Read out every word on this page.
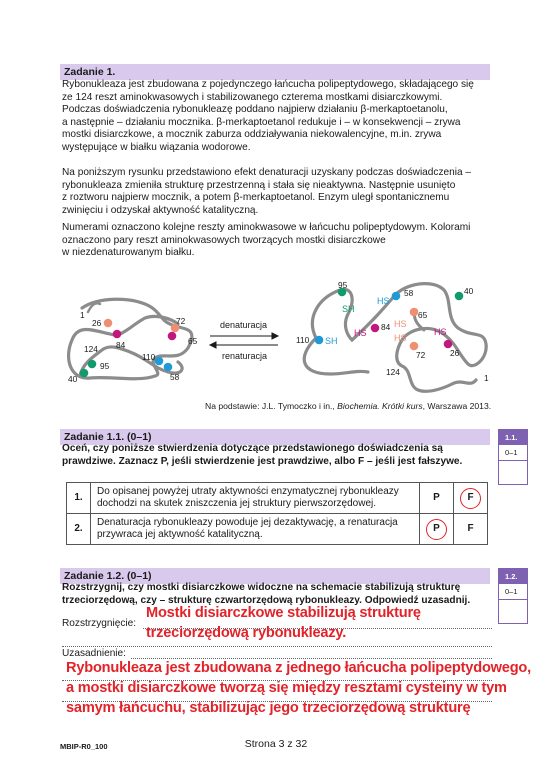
Zadanie 1.
Rybonukleaza jest zbudowana z pojedynczego łańcucha polipeptydowego, składającego się
ze 124 reszt aminokwasowych i stabilizowanego czterema mostkami disiarczkowymi.
Podczas doświadczenia rybonukleazę poddano najpierw działaniu β-merkaptoetanolu,
a następnie – działaniu mocznika. β-merkaptoetanol redukuje i – w konsekwencji – zrywa
mostki disiarczkowe, a mocznik zaburza oddziaływania niekowalencyjne, m.in. zrywa
występujące w białku wiązania wodorowe.
Na poniższym rysunku przedstawiono efekt denaturacji uzyskany podczas doświadczenia –
rybonukleaza zmieniła strukturę przestrzenną i stała się nieaktywna. Następnie usunięto
z roztworu najpierw mocznik, a potem β-merkaptoetanol. Enzym uległ spontanicznemu
zwinięciu i odzyskał aktywność katalityczną.
Numerami oznaczono kolejne reszty aminokwasowe w łańcuchu polipeptydowym. Kolorami
oznaczono pary reszt aminokwasowych tworzących mostki disiarczkowe
w niezdenaturowanym białku.
1
26
84
72
65
124
95
110
40	58
denaturacja
renaturacja
95
58	40
65
84
110
72	26
124
1
SH
SH
HS
HS
HS
HS
HS
Na podstawie: J.L. Tymoczko i in., Biochemia. Krótki kurs, Warszawa 2013.
Zadanie 1.1. (0–1)
Oceń, czy poniższe stwierdzenia dotyczące przedstawionego doświadczenia są
prawdziwe. Zaznacz P, jeśli stwierdzenie jest prawdziwe, albo F – jeśli jest fałszywe.
1.1.
0–1
1.	Do opisanej powyżej utraty aktywności enzymatycznej rybonukleazy
dochodzi na skutek zniszczenia jej struktury pierwszorzędowej.	P	F
2.	Denaturacja rybonukleazy powoduje jej dezaktywację, a renaturacja
przywraca jej aktywność katalityczną.	P	F
Zadanie 1.2. (0–1)
Rozstrzygnij, czy mostki disiarczkowe widoczne na schemacie stabilizują strukturę
trzeciorzędową, czy – strukturę czwartorzędową rybonukleazy. Odpowiedź uzasadnij.
1.2.
0–1
Rozstrzygnięcie:
Mostki disiarczkowe stabilizują strukturę
trzeciorzędową rybonukleazy.
Uzasadnienie:
Rybonukleaza jest zbudowana z jednego łańcucha polipeptydowego,
a mostki disiarczkowe tworzą się między resztami cysteiny w tym
samym łańcuchu, stabilizując jego trzeciorzędową strukturę
Strona 3 z 32
MBIP-R0_100
